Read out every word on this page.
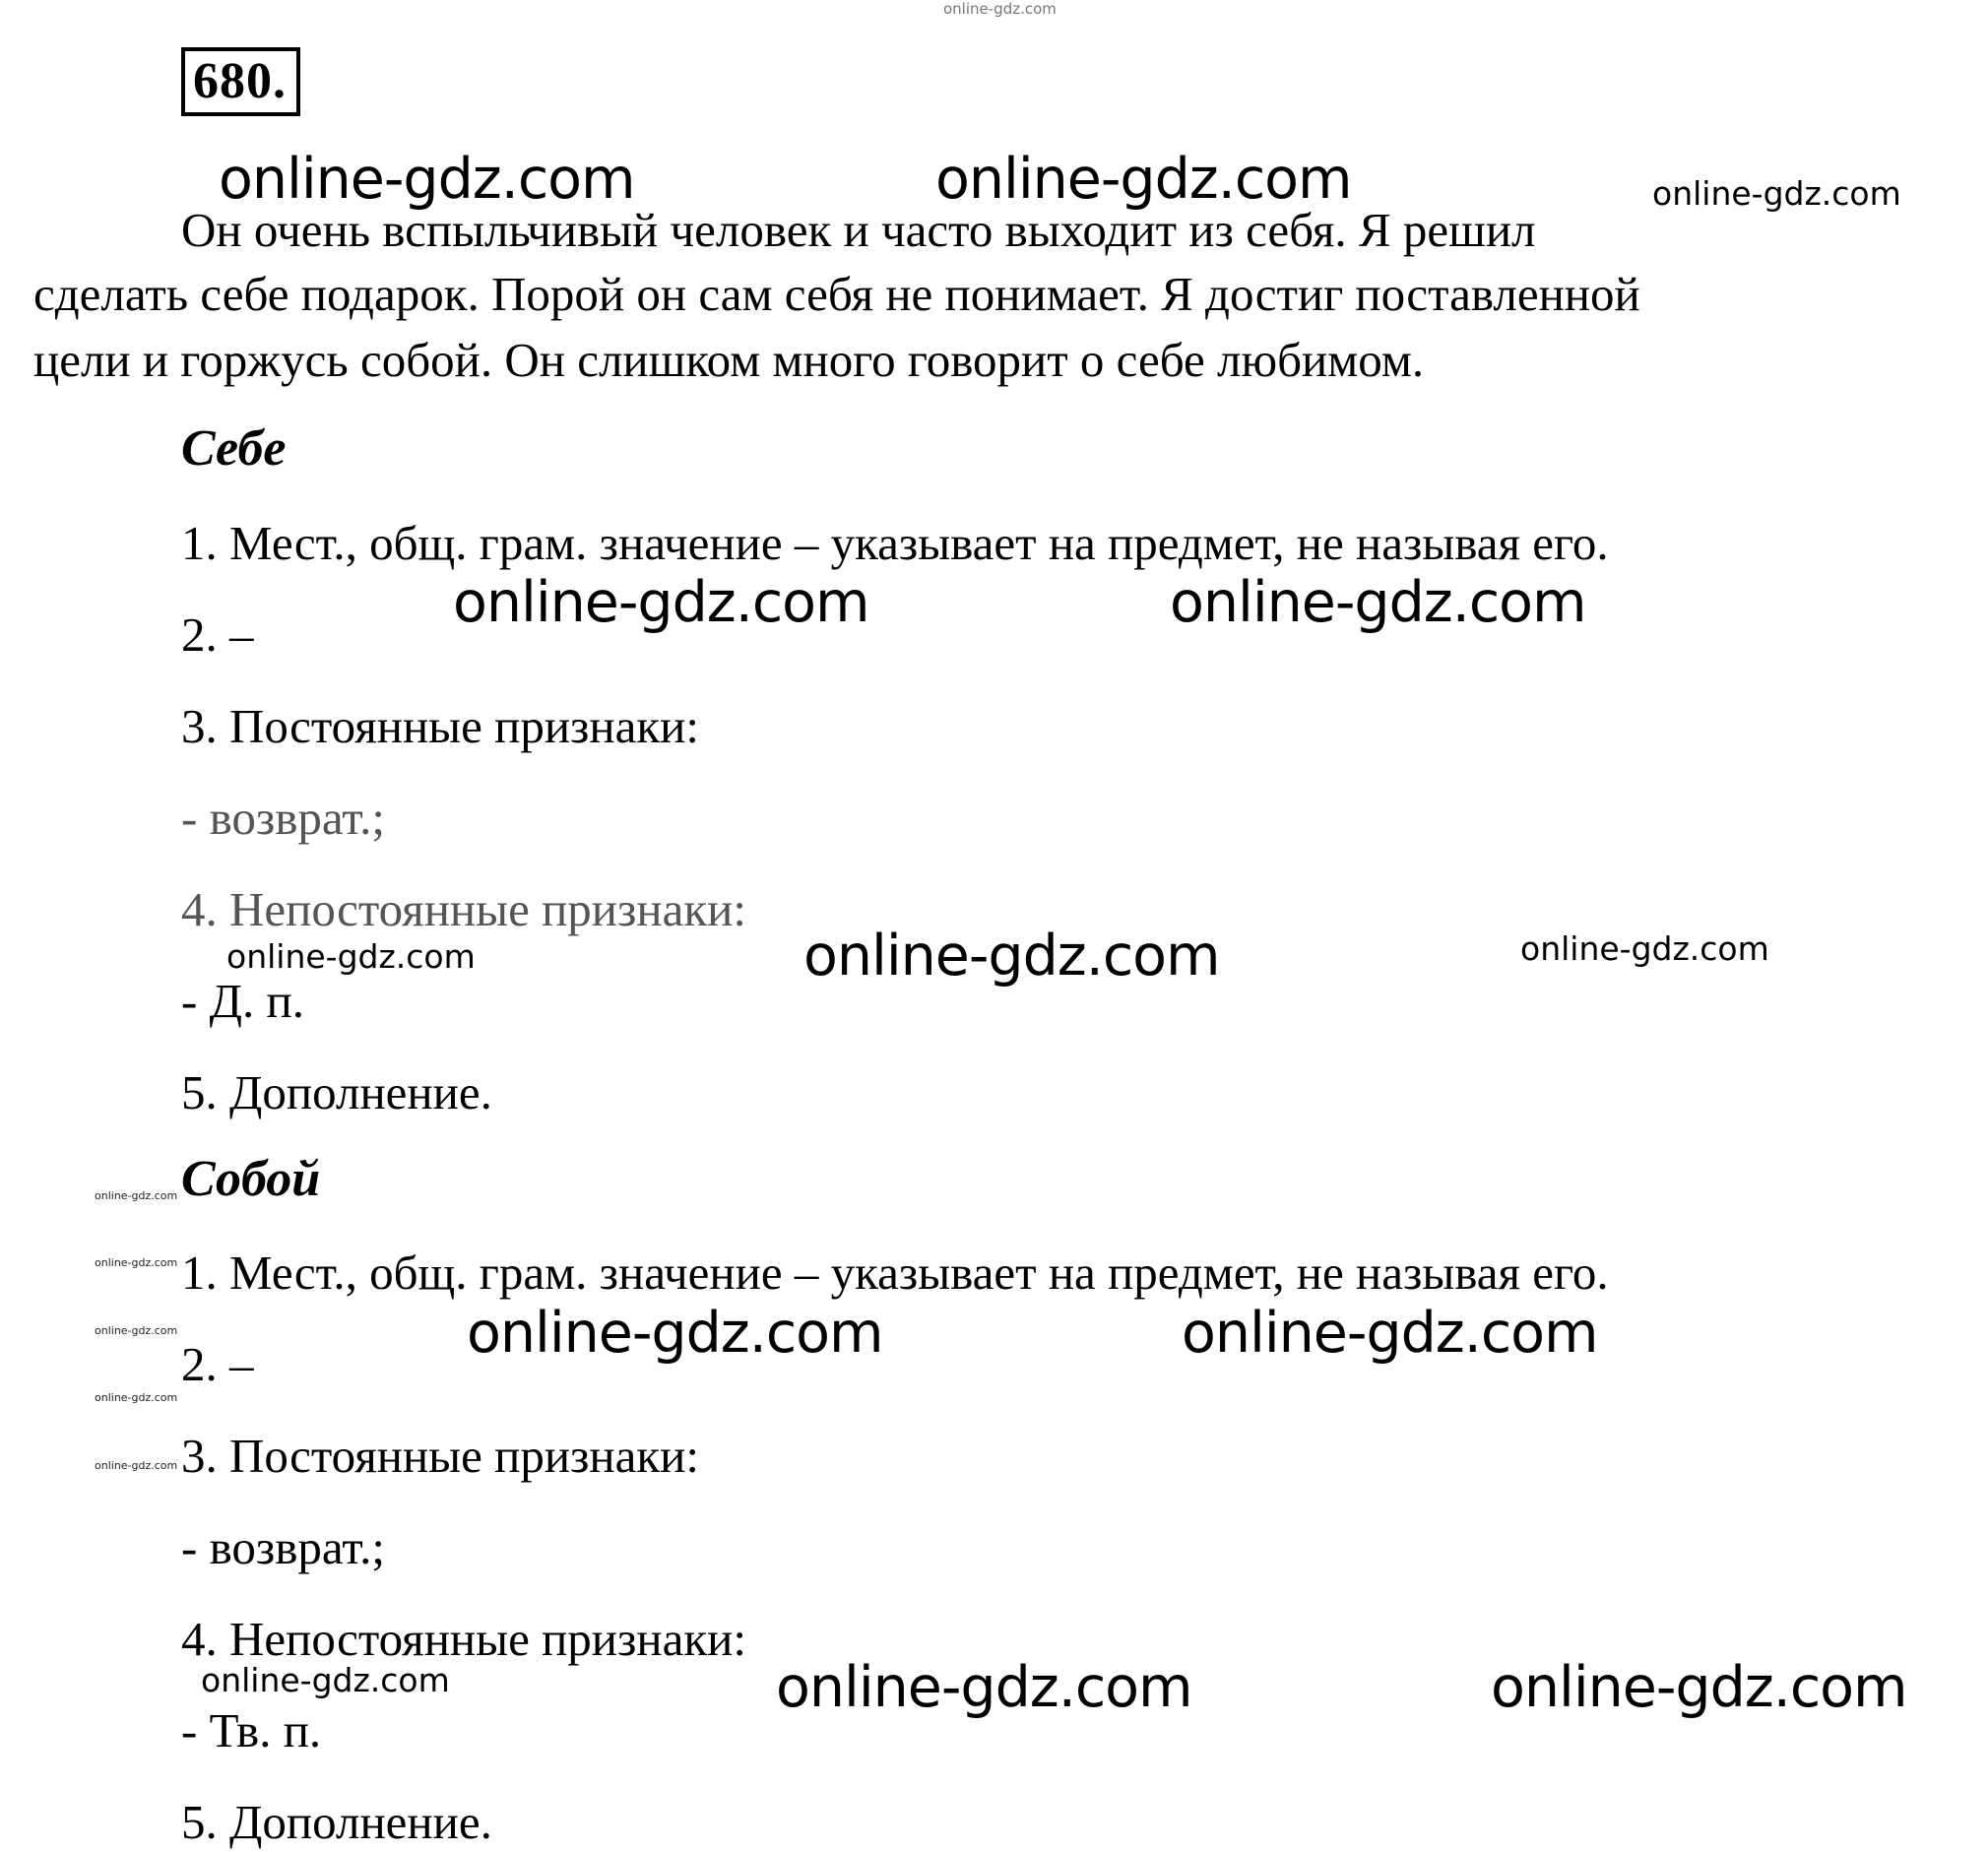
680.
Он очень вспыльчивый человек и часто выходит из себя. Я решил
сделать себе подарок. Порой он сам себя не понимает. Я достиг поставленной
цели и горжусь собой. Он слишком много говорит о себе любимом.
Себе
1. Мест., общ. грам. значение – указывает на предмет, не называя его.
2. –
3. Постоянные признаки:
- возврат.;
4. Непостоянные признаки:
- Д. п.
5. Дополнение.
Собой
1. Мест., общ. грам. значение – указывает на предмет, не называя его.
2. –
3. Постоянные признаки:
- возврат.;
4. Непостоянные признаки:
- Тв. п.
5. Дополнение.
online-gdz.com
online-gdz.com	online-gdz.com	online-gdz.com
online-gdz.com	online-gdz.com
online-gdz.com	online-gdz.com	online-gdz.com
online-gdz.com
online-gdz.com
online-gdz.com
online-gdz.com
online-gdz.com
online-gdz.com	online-gdz.com
online-gdz.com	online-gdz.com	online-gdz.com
